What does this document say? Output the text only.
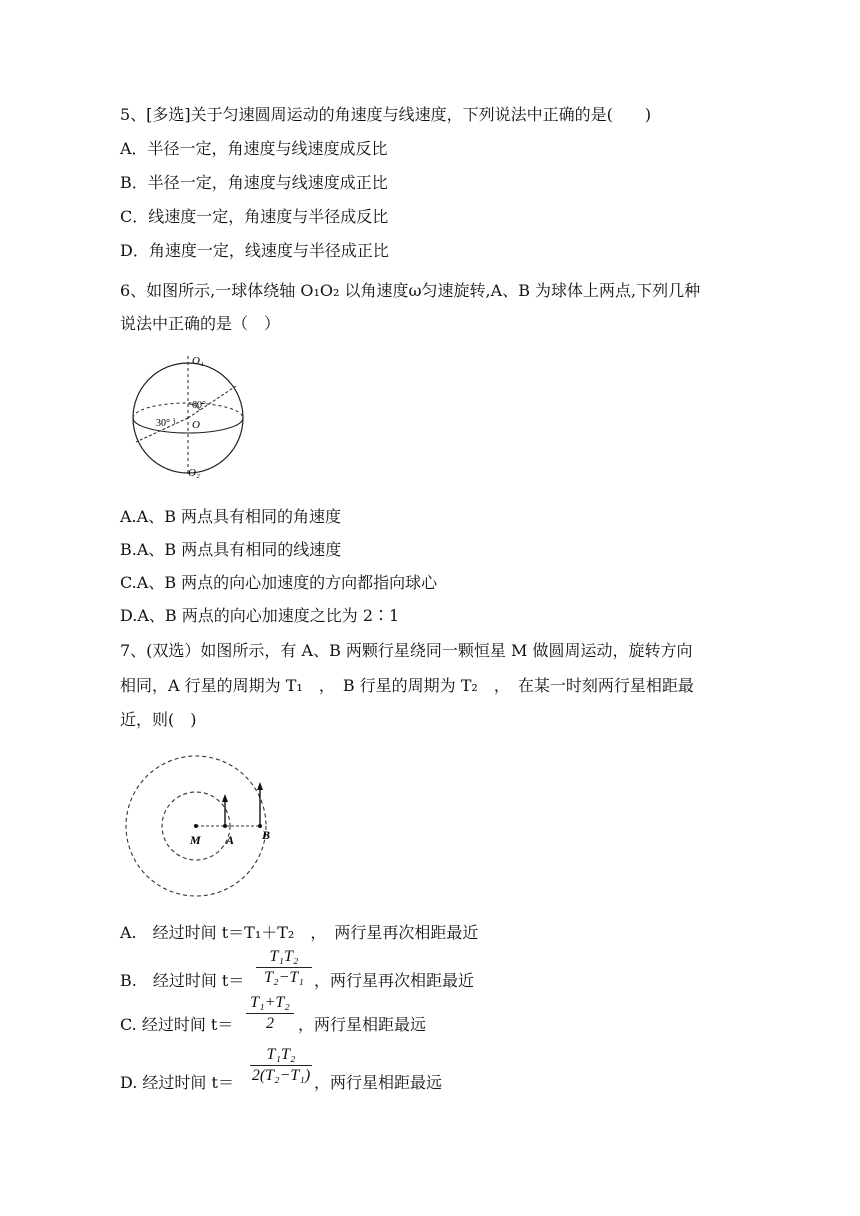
5、[多选]关于匀速圆周运动的角速度与线速度，下列说法中正确的是(　　)
A．半径一定，角速度与线速度成反比
B．半径一定，角速度与线速度成正比
C．线速度一定，角速度与半径成反比
D．角速度一定，线速度与半径成正比
6、如图所示,一球体绕轴 O₁O₂ 以角速度ω匀速旋转,A、B 为球体上两点,下列几种
说法中正确的是（　）
O₁
60°
O
30°
O₂
A.A、B 两点具有相同的角速度
B.A、B 两点具有相同的线速度
C.A、B 两点的向心加速度的方向都指向球心
D.A、B 两点的向心加速度之比为 2∶1
7、(双选）如图所示，有 A、B 两颗行星绕同一颗恒星 M 做圆周运动，旋转方向
相同，A 行星的周期为 T₁　，　B 行星的周期为 T₂　，　在某一时刻两行星相距最
近，则(　)
M A B
A.　经过时间 t＝T₁＋T₂　，　两行星再次相距最近
B.　经过时间 t＝
T₁T₂
T₂−T₁ ，两行星再次相距最近
C. 经过时间 t＝
T₁+T₂
2	，两行星相距最远
D. 经过时间 t＝
T₁T₂
2(T₂−T₁) ，两行星相距最远
